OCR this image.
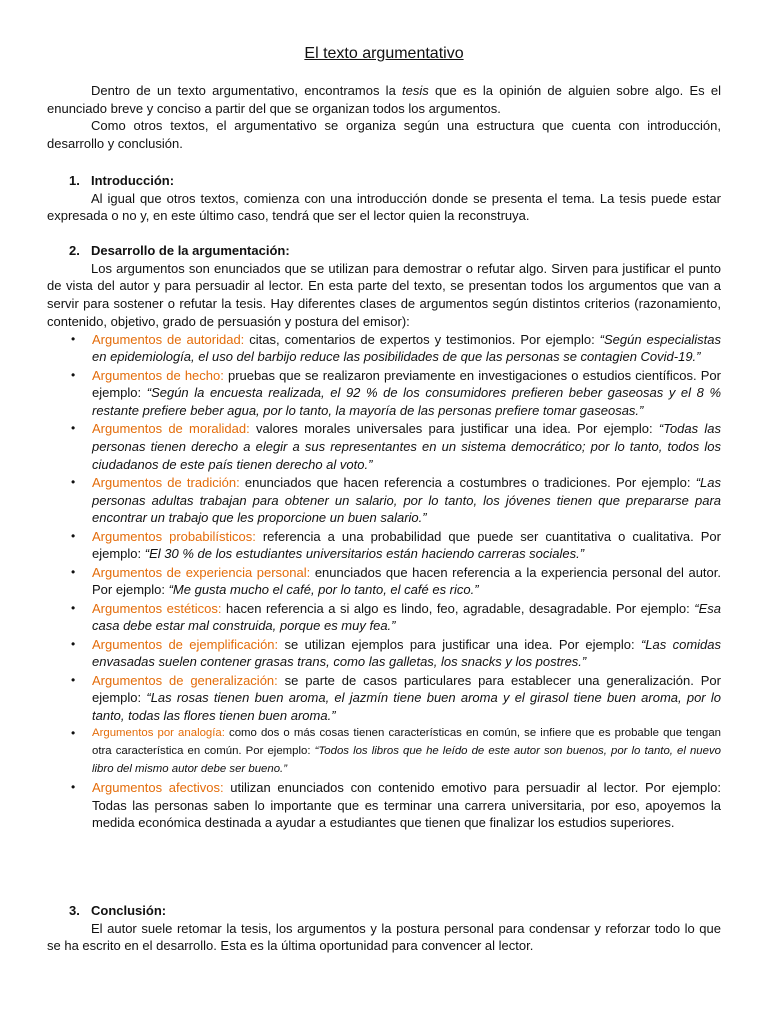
El texto argumentativo

Dentro de un texto argumentativo, encontramos la tesis que es la opinión de alguien sobre algo. Es el enunciado breve y conciso a partir del que se organizan todos los argumentos.

Como otros textos, el argumentativo se organiza según una estructura que cuenta con introducción, desarrollo y conclusión.

1. Introducción:

Al igual que otros textos, comienza con una introducción donde se presenta el tema. La tesis puede estar expresada o no y, en este último caso, tendrá que ser el lector quien la reconstruya.

2. Desarrollo de la argumentación:

Los argumentos son enunciados que se utilizan para demostrar o refutar algo. Sirven para justificar el punto de vista del autor y para persuadir al lector. En esta parte del texto, se presentan todos los argumentos que van a servir para sostener o refutar la tesis. Hay diferentes clases de argumentos según distintos criterios (razonamiento, contenido, objetivo, grado de persuasión y postura del emisor):

• Argumentos de autoridad: citas, comentarios de expertos y testimonios. Por ejemplo: “Según especialistas en epidemiología, el uso del barbijo reduce las posibilidades de que las personas se contagien Covid-19.”
• Argumentos de hecho: pruebas que se realizaron previamente en investigaciones o estudios científicos. Por ejemplo: “Según la encuesta realizada, el 92 % de los consumidores prefieren beber gaseosas y el 8 % restante prefiere beber agua, por lo tanto, la mayoría de las personas prefiere tomar gaseosas.”
• Argumentos de moralidad: valores morales universales para justificar una idea. Por ejemplo: “Todas las personas tienen derecho a elegir a sus representantes en un sistema democrático; por lo tanto, todos los ciudadanos de este país tienen derecho al voto.”
• Argumentos de tradición: enunciados que hacen referencia a costumbres o tradiciones. Por ejemplo: “Las personas adultas trabajan para obtener un salario, por lo tanto, los jóvenes tienen que prepararse para encontrar un trabajo que les proporcione un buen salario.”
• Argumentos probabilísticos: referencia a una probabilidad que puede ser cuantitativa o cualitativa. Por ejemplo: “El 30 % de los estudiantes universitarios están haciendo carreras sociales.”
• Argumentos de experiencia personal: enunciados que hacen referencia a la experiencia personal del autor. Por ejemplo: “Me gusta mucho el café, por lo tanto, el café es rico.”
• Argumentos estéticos: hacen referencia a si algo es lindo, feo, agradable, desagradable. Por ejemplo: “Esa casa debe estar mal construida, porque es muy fea.”
• Argumentos de ejemplificación: se utilizan ejemplos para justificar una idea. Por ejemplo: “Las comidas envasadas suelen contener grasas trans, como las galletas, los snacks y los postres.”
• Argumentos de generalización: se parte de casos particulares para establecer una generalización. Por ejemplo: “Las rosas tienen buen aroma, el jazmín tiene buen aroma y el girasol tiene buen aroma, por lo tanto, todas las flores tienen buen aroma.”
• Argumentos por analogía: como dos o más cosas tienen características en común, se infiere que es probable que tengan otra característica en común. Por ejemplo: “Todos los libros que he leído de este autor son buenos, por lo tanto, el nuevo libro del mismo autor debe ser bueno.”
• Argumentos afectivos: utilizan enunciados con contenido emotivo para persuadir al lector. Por ejemplo: Todas las personas saben lo importante que es terminar una carrera universitaria, por eso, apoyemos la medida económica destinada a ayudar a estudiantes que tienen que finalizar los estudios superiores.

3. Conclusión:

El autor suele retomar la tesis, los argumentos y la postura personal para condensar y reforzar todo lo que se ha escrito en el desarrollo. Esta es la última oportunidad para convencer al lector.
